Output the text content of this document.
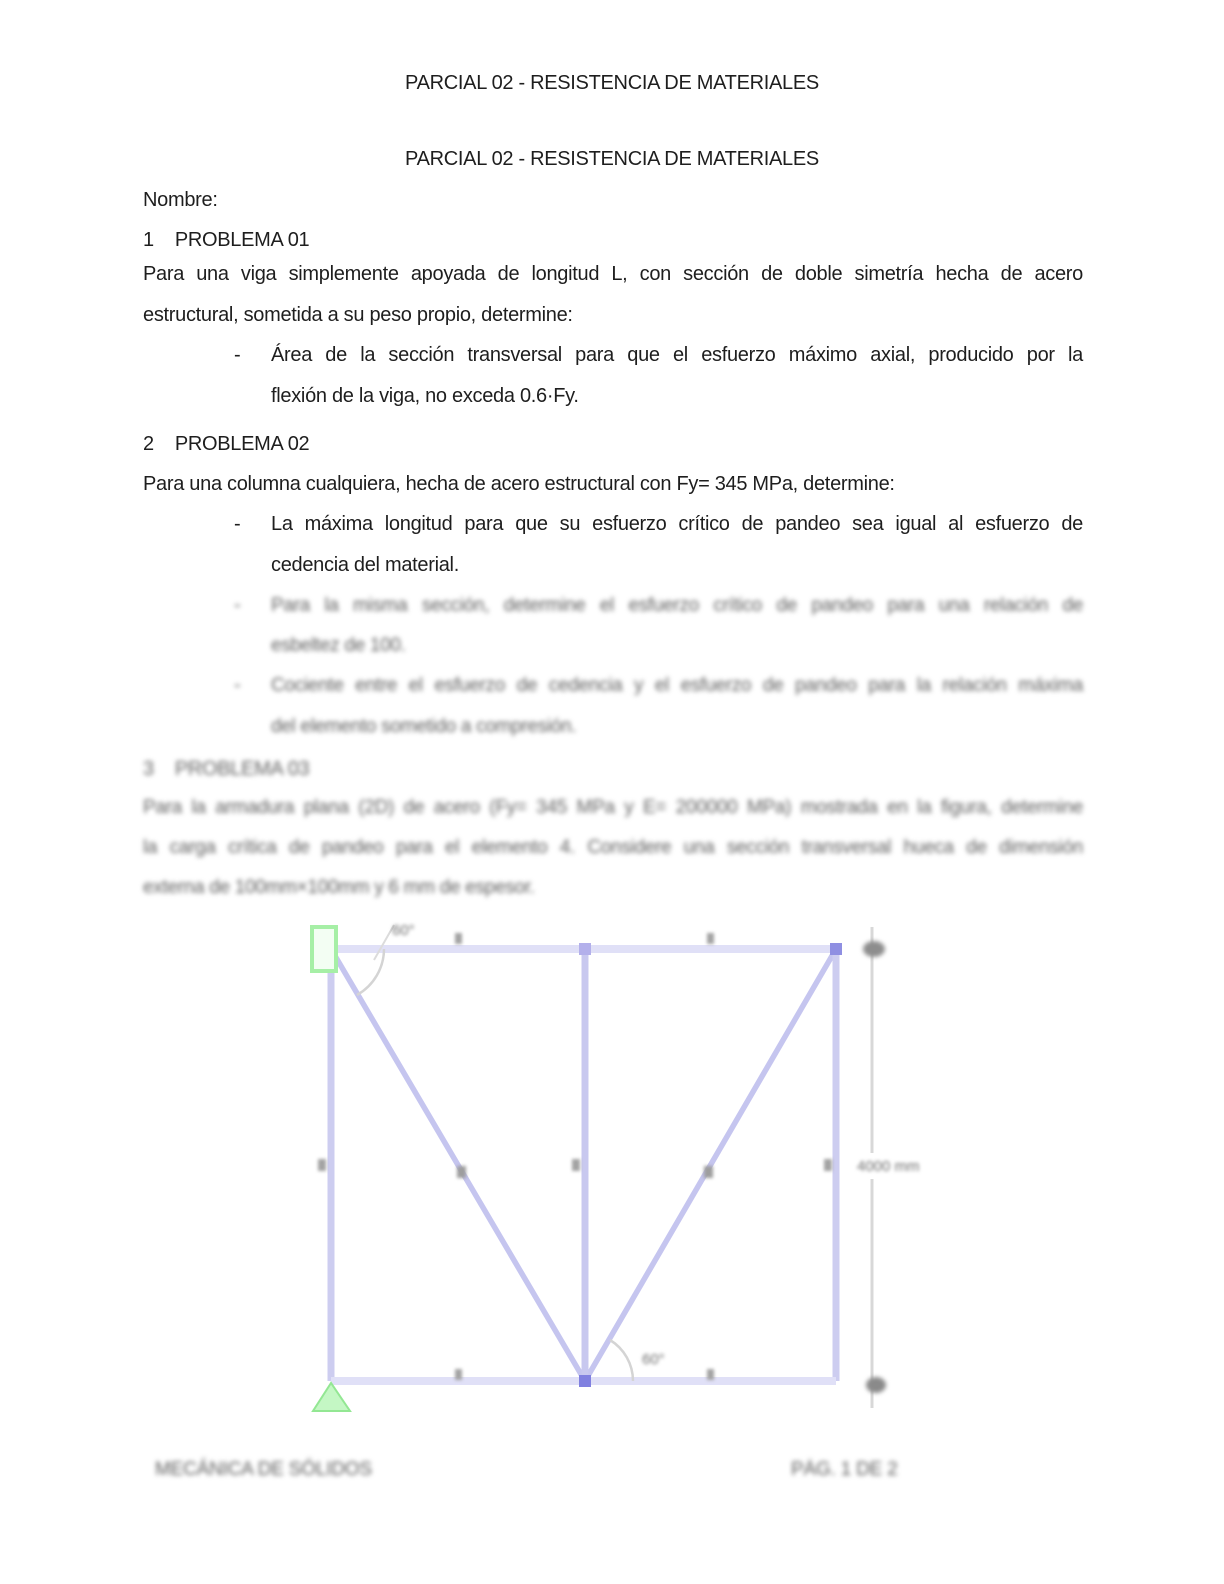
PARCIAL 02 - RESISTENCIA DE MATERIALES
PARCIAL 02 - RESISTENCIA DE MATERIALES
Nombre:
1 PROBLEMA 01
Para una viga simplemente apoyada de longitud L, con sección de doble simetría hecha de acero
estructural, sometida a su peso propio, determine:
- Área de la sección transversal para que el esfuerzo máximo axial, producido por la
flexión de la viga, no exceda 0.6·Fy.
2 PROBLEMA 02
Para una columna cualquiera, hecha de acero estructural con Fy= 345 MPa, determine:
- La máxima longitud para que su esfuerzo crítico de pandeo sea igual al esfuerzo de
cedencia del material.
- Para la misma sección, determine el esfuerzo crítico de pandeo para una relación de
esbeltez de 100.
- Cociente entre el esfuerzo de cedencia y el esfuerzo de pandeo para la relación máxima
del elemento sometido a compresión.
3 PROBLEMA 03
Para la armadura plana (2D) de acero (Fy= 345 MPa y E= 200000 MPa) mostrada en la figura, determine
la carga crítica de pandeo para el elemento 4. Considere una sección transversal hueca de dimensión
externa de 100mm×100mm y 6 mm de espesor.
60°
60°
4000 mm
MECÁNICA DE SÓLIDOS	PÁG. 1 DE 2
